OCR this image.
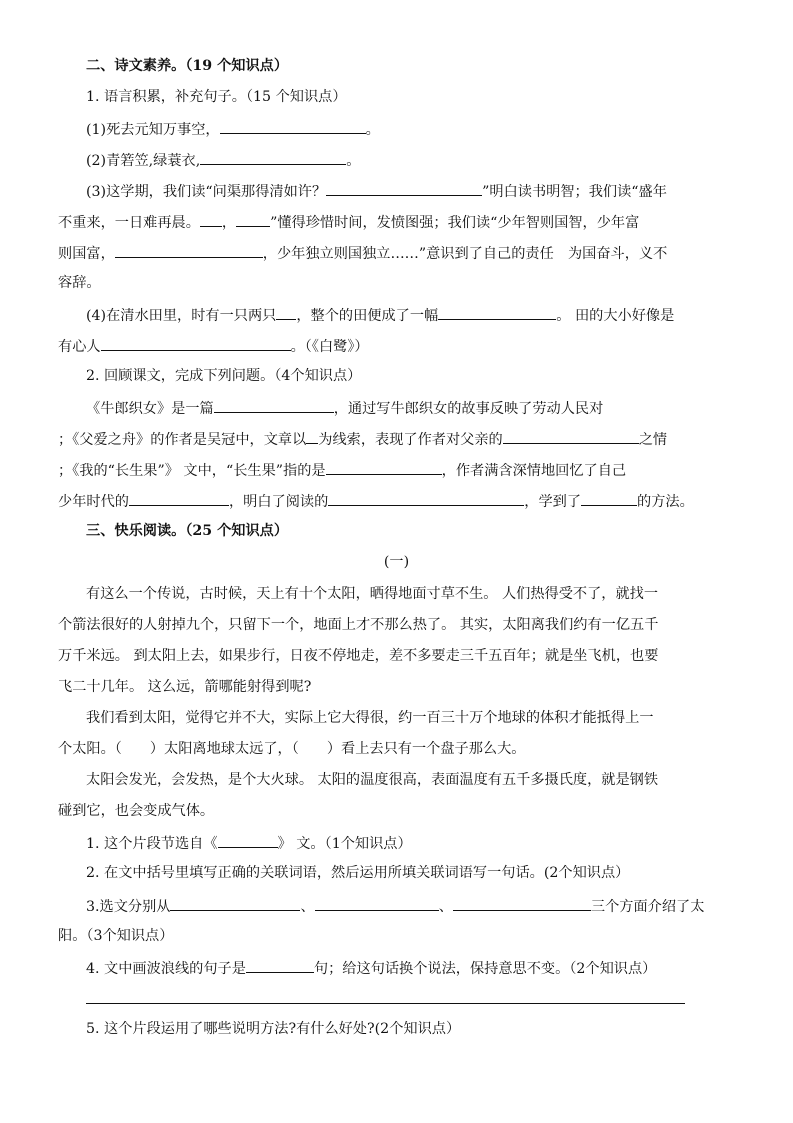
二、诗文素养。（19 个知识点）
1. 语言积累，补充句子。（15 个知识点）
(1)死去元知万事空，	。
(2)青箬笠,绿蓑衣,	。
(3)这学期，我们读“问渠那得清如许？	”明白读书明智；我们读“盛年
不重来，一日难再晨。 ， ”懂得珍惜时间，发愤图强；我们读“少年智则国智，少年富
则国富，	，少年独立则国独立……”意识到了自己的责任　为国奋斗，义不
容辞。
(4)在清水田里，时有一只两只 ，整个的田便成了一幅	。 田的大小好像是
有心人	。（《白鹭》）
2. 回顾课文，完成下列问题。（4个知识点）
《牛郎织女》是一篇	，通过写牛郎织女的故事反映了劳动人民对
；《父爱之舟》的作者是吴冠中，文章以 为线索，表现了作者对父亲的	之情
；《我的“长生果”》 文中，“长生果”指的是	，作者满含深情地回忆了自己
少年时代的	，明白了阅读的	，学到了	的方法。
三、快乐阅读。（25 个知识点）
(一)
有这么一个传说，古时候，天上有十个太阳，晒得地面寸草不生。 人们热得受不了，就找一
个箭法很好的人射掉九个，只留下一个，地面上才不那么热了。 其实，太阳离我们约有一亿五千
万千米远。 到太阳上去，如果步行，日夜不停地走，差不多要走三千五百年；就是坐飞机，也要
飞二十几年。 这么远，箭哪能射得到呢?
我们看到太阳，觉得它并不大，实际上它大得很，约一百三十万个地球的体积才能抵得上一
个太阳。（ ）太阳离地球太远了，（ ）看上去只有一个盘子那么大。
太阳会发光，会发热，是个大火球。 太阳的温度很高，表面温度有五千多摄氏度，就是钢铁
碰到它，也会变成气体。
1. 这个片段节选自《	》 文。（1个知识点）
2. 在文中括号里填写正确的关联词语，然后运用所填关联词语写一句话。(2个知识点）
3.选文分别从	、	、	三个方面介绍了太
阳。（3个知识点）
4. 文中画波浪线的句子是	句；给这句话换个说法，保持意思不变。（2个知识点）
5. 这个片段运用了哪些说明方法?有什么好处?(2个知识点）
